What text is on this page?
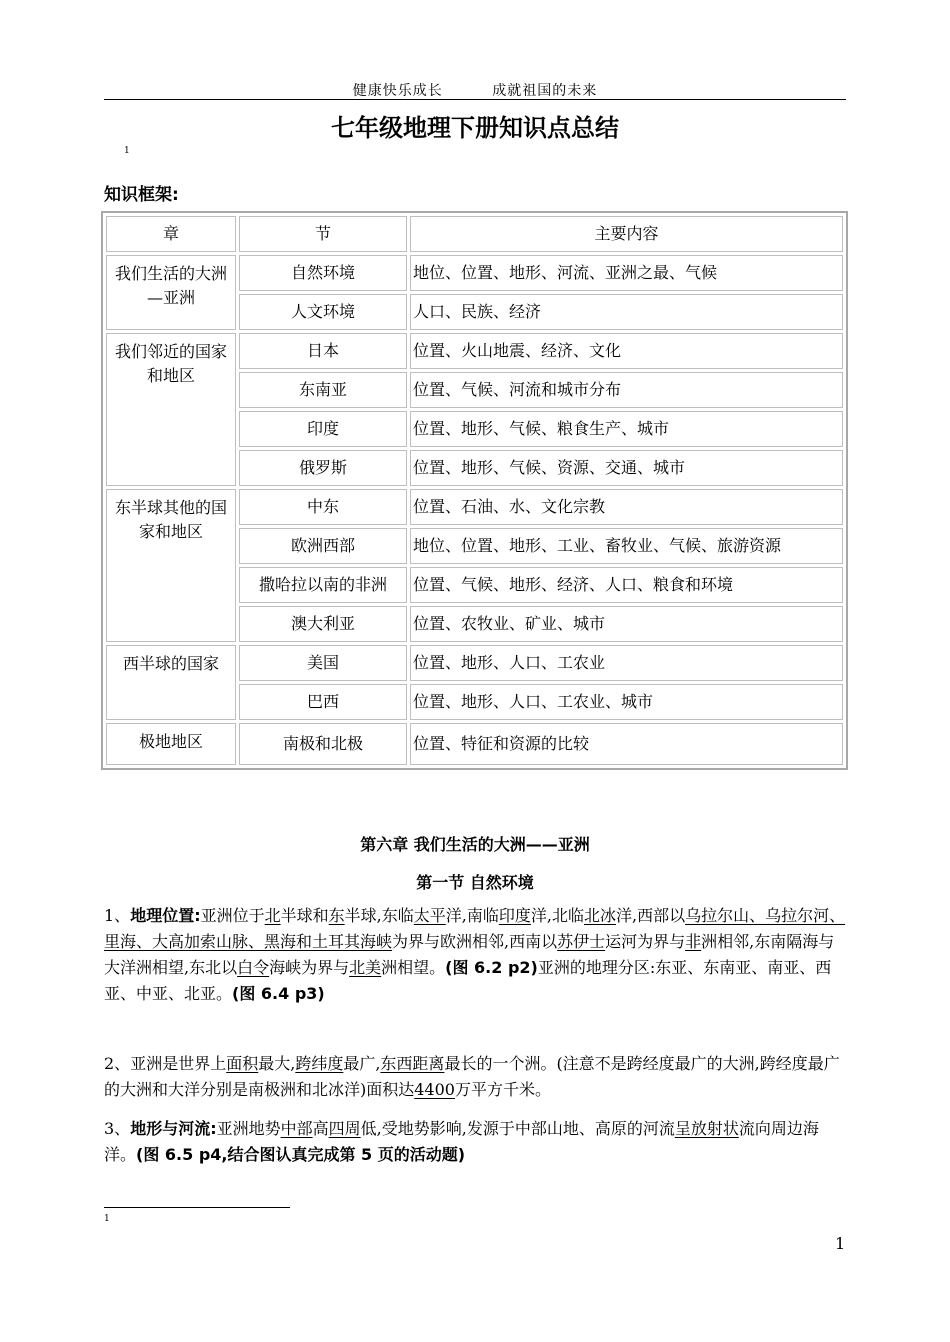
健康快乐成长	成就祖国的未来
七年级地理下册知识点总结
1
知识框架:
章	节	主要内容
我们生活的大洲—亚洲	自然环境	地位、位置、地形、河流、亚洲之最、气候
	人文环境	人口、民族、经济
我们邻近的国家和地区	日本	位置、火山地震、经济、文化
	东南亚	位置、气候、河流和城市分布
	印度	位置、地形、气候、粮食生产、城市
	俄罗斯	位置、地形、气候、资源、交通、城市
东半球其他的国家和地区	中东	位置、石油、水、文化宗教
	欧洲西部	地位、位置、地形、工业、畜牧业、气候、旅游资源
	撒哈拉以南的非洲	位置、气候、地形、经济、人口、粮食和环境
	澳大利亚	位置、农牧业、矿业、城市
西半球的国家	美国	位置、地形、人口、工农业
	巴西	位置、地形、人口、工农业、城市
极地地区	南极和北极	位置、特征和资源的比较
第六章 我们生活的大洲——亚洲
第一节 自然环境
1、地理位置:亚洲位于北半球和东半球,东临太平洋,南临印度洋,北临北冰洋,西部以乌拉尔山、乌拉尔河、里海、大高加索山脉、黑海和土耳其海峡为界与欧洲相邻,西南以苏伊士运河为界与非洲相邻,东南隔海与大洋洲相望,东北以白令海峡为界与北美洲相望。(图 6.2 p2)亚洲的地理分区:东亚、东南亚、南亚、西亚、中亚、北亚。(图 6.4 p3)
2、亚洲是世界上面积最大,跨纬度最广,东西距离最长的一个洲。(注意不是跨经度最广的大洲,跨经度最广的大洲和大洋分别是南极洲和北冰洋)面积达4400万平方千米。
3、地形与河流:亚洲地势中部高四周低,受地势影响,发源于中部山地、高原的河流呈放射状流向周边海洋。(图 6.5 p4,结合图认真完成第 5 页的活动题)
1
1
